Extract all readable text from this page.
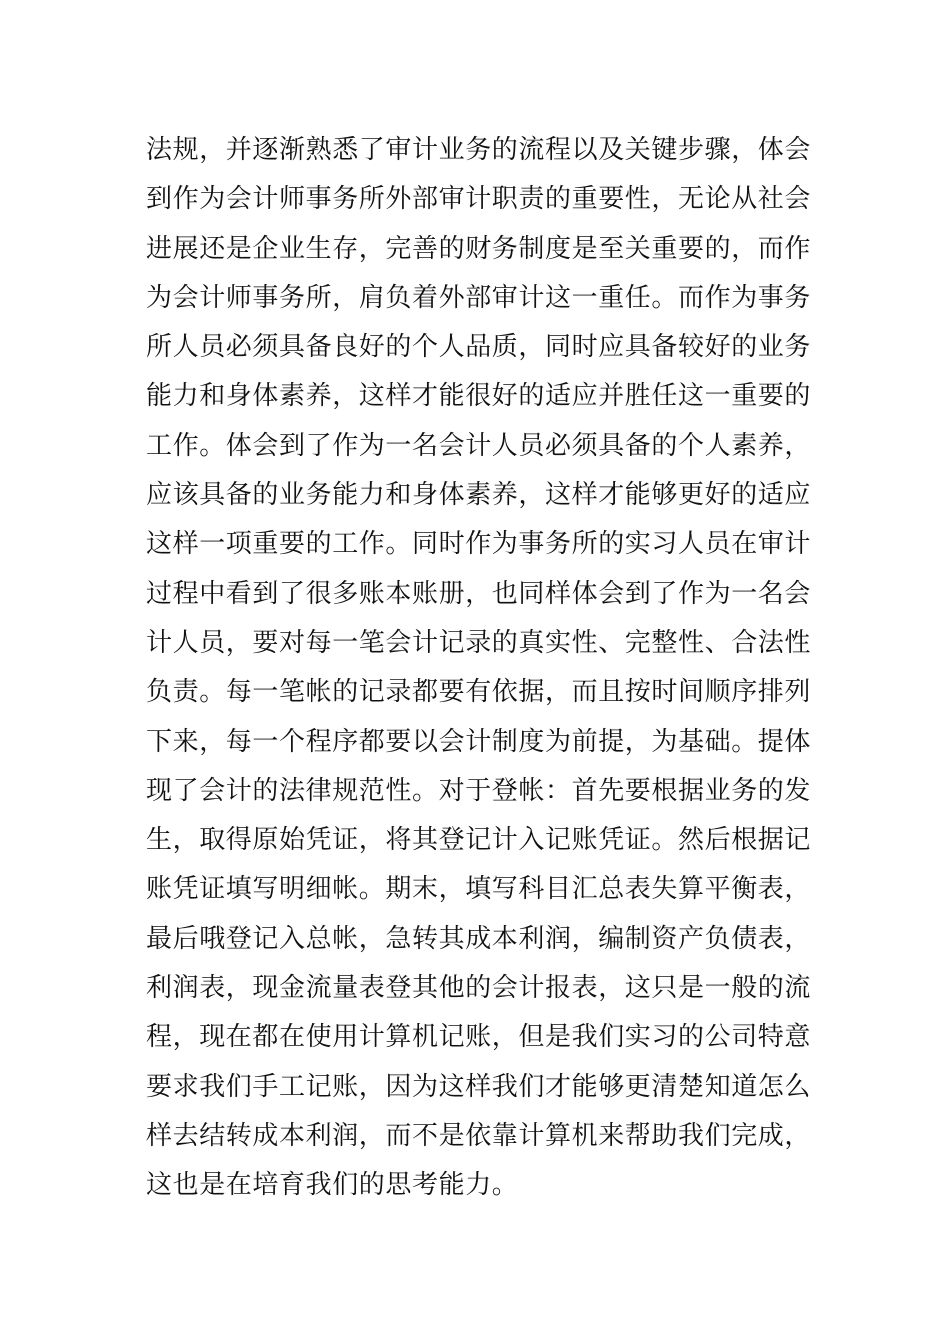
法规，并逐渐熟悉了审计业务的流程以及关键步骤，体会
到作为会计师事务所外部审计职责的重要性，无论从社会
进展还是企业生存，完善的财务制度是至关重要的，而作
为会计师事务所，肩负着外部审计这一重任。而作为事务
所人员必须具备良好的个人品质，同时应具备较好的业务
能力和身体素养，这样才能很好的适应并胜任这一重要的
工作。体会到了作为一名会计人员必须具备的个人素养，
应该具备的业务能力和身体素养，这样才能够更好的适应
这样一项重要的工作。同时作为事务所的实习人员在审计
过程中看到了很多账本账册，也同样体会到了作为一名会
计人员，要对每一笔会计记录的真实性、完整性、合法性
负责。每一笔帐的记录都要有依据，而且按时间顺序排列
下来，每一个程序都要以会计制度为前提，为基础。提体
现了会计的法律规范性。对于登帐：首先要根据业务的发
生，取得原始凭证，将其登记计入记账凭证。然后根据记
账凭证填写明细帐。期末，填写科目汇总表失算平衡表，
最后哦登记入总帐，急转其成本利润，编制资产负债表，
利润表，现金流量表登其他的会计报表，这只是一般的流
程，现在都在使用计算机记账，但是我们实习的公司特意
要求我们手工记账，因为这样我们才能够更清楚知道怎么
样去结转成本利润，而不是依靠计算机来帮助我们完成，
这也是在培育我们的思考能力。
